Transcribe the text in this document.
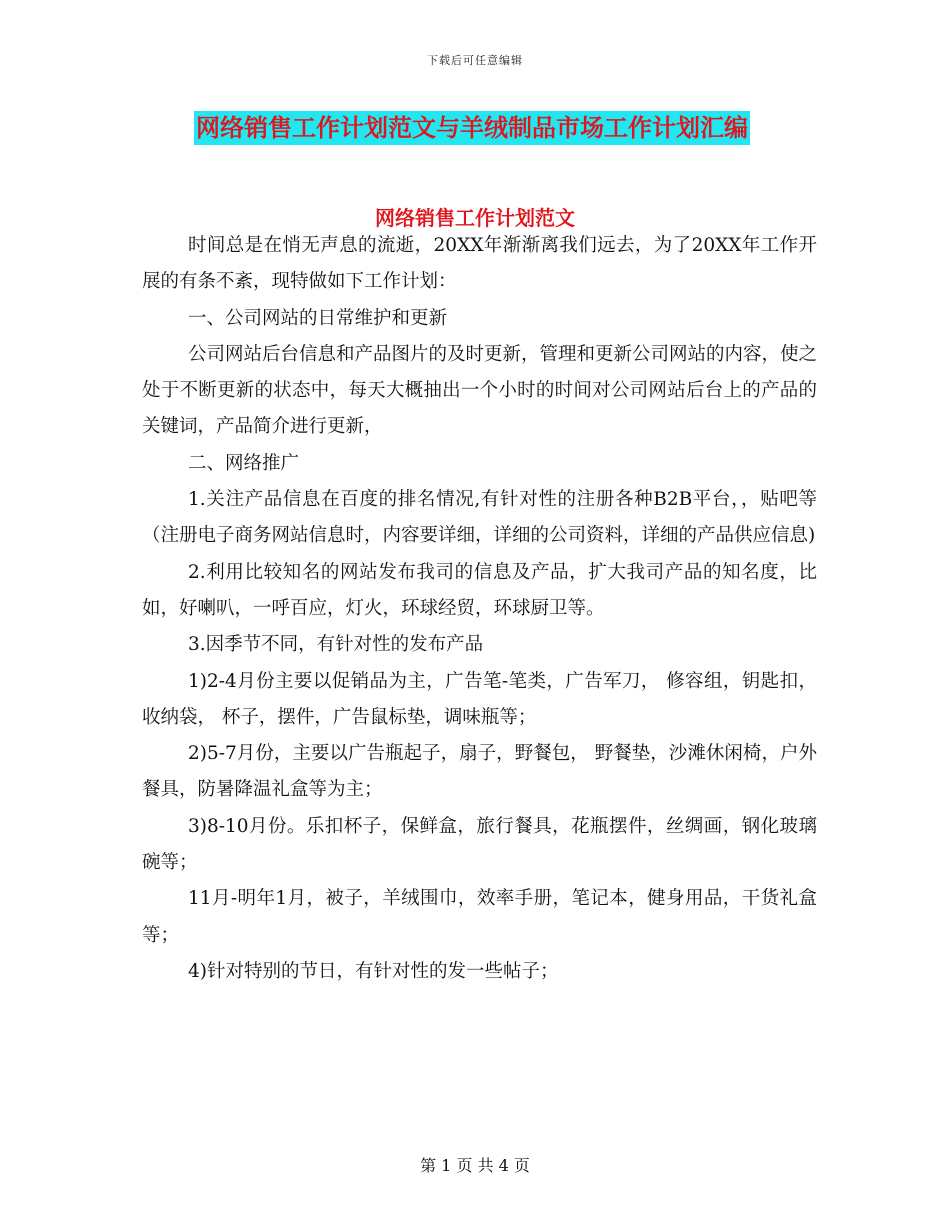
下载后可任意编辑
网络销售工作计划范文与羊绒制品市场工作计划汇编
网络销售工作计划范文

时间总是在悄无声息的流逝，20XX年渐渐离我们远去，为了20XX年工作开展的有条不紊，现特做如下工作计划：

一、公司网站的日常维护和更新

公司网站后台信息和产品图片的及时更新，管理和更新公司网站的内容，使之处于不断更新的状态中，每天大概抽出一个小时的时间对公司网站后台上的产品的关键词，产品简介进行更新，

二、网络推广

1.关注产品信息在百度的排名情况,有针对性的注册各种B2B平台，，贴吧等（注册电子商务网站信息时，内容要详细，详细的公司资料，详细的产品供应信息)

2.利用比较知名的网站发布我司的信息及产品，扩大我司产品的知名度，比如，好喇叭，一呼百应，灯火，环球经贸，环球厨卫等。

3.因季节不同，有针对性的发布产品

1)2-4月份主要以促销品为主，广告笔-笔类，广告军刀， 修容组，钥匙扣，收纳袋， 杯子，摆件，广告鼠标垫，调味瓶等；

2)5-7月份，主要以广告瓶起子，扇子，野餐包， 野餐垫，沙滩休闲椅，户外餐具，防暑降温礼盒等为主；

3)8-10月份。乐扣杯子，保鲜盒，旅行餐具，花瓶摆件，丝绸画，钢化玻璃碗等；

11月-明年1月，被子，羊绒围巾，效率手册，笔记本，健身用品，干货礼盒等；

4)针对特别的节日，有针对性的发一些帖子；

第 1 页 共 4 页
